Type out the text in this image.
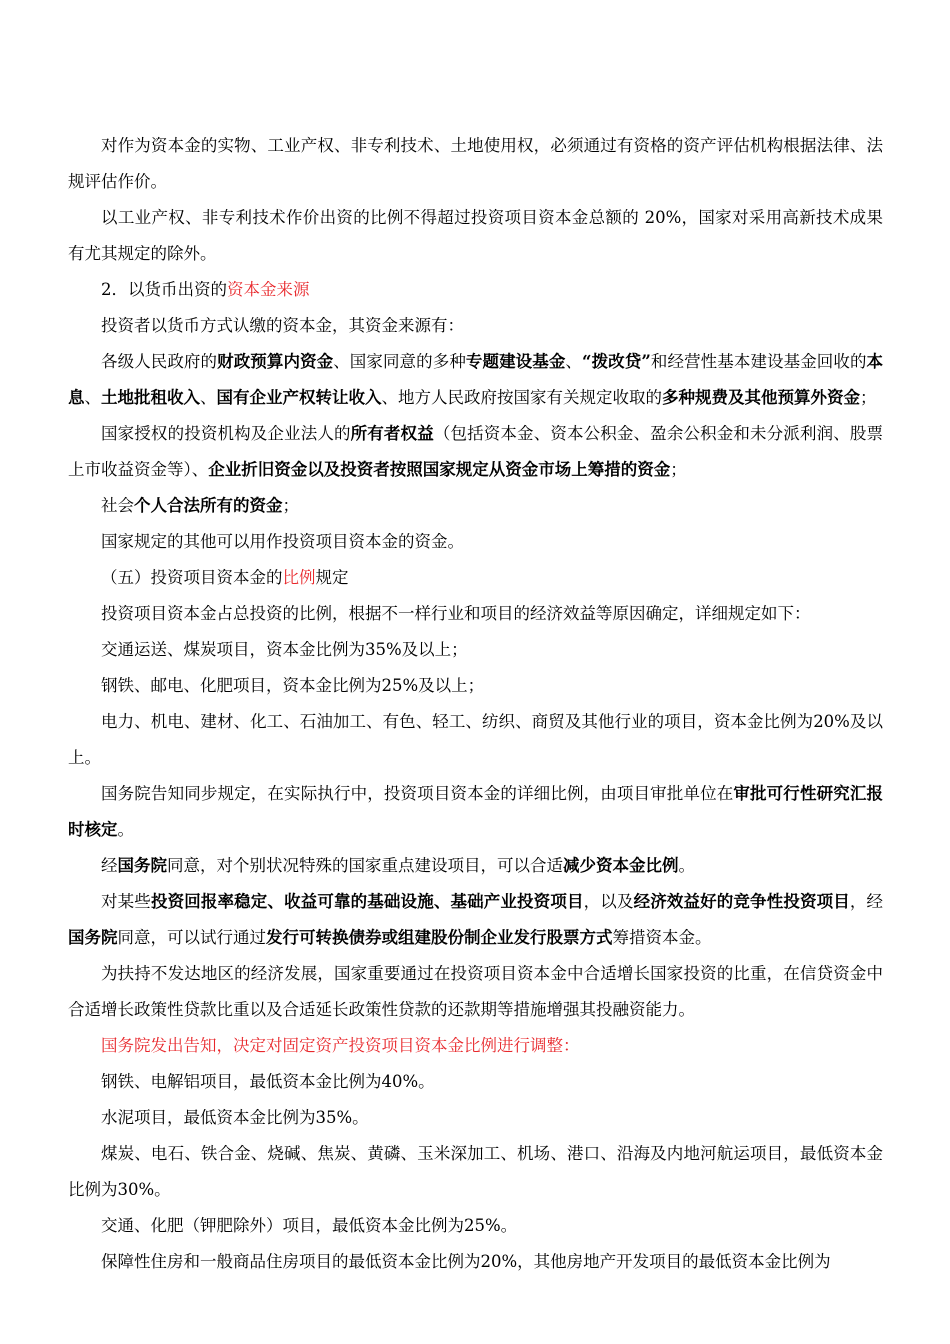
对作为资本金的实物、工业产权、非专利技术、土地使用权，必须通过有资格的资产评估机构根据法律、法规评估作价。

以工业产权、非专利技术作价出资的比例不得超过投资项目资本金总额的 20%，国家对采用高新技术成果有尤其规定的除外。

2．以货币出资的资本金来源

投资者以货币方式认缴的资本金，其资金来源有：

各级人民政府的财政预算内资金、国家同意的多种专题建设基金、“拨改贷”和经营性基本建设基金回收的本息、土地批租收入、国有企业产权转让收入、地方人民政府按国家有关规定收取的多种规费及其他预算外资金；

国家授权的投资机构及企业法人的所有者权益（包括资本金、资本公积金、盈余公积金和未分派利润、股票上市收益资金等）、企业折旧资金以及投资者按照国家规定从资金市场上筹措的资金；

社会个人合法所有的资金；

国家规定的其他可以用作投资项目资本金的资金。

（五）投资项目资本金的比例规定

投资项目资本金占总投资的比例，根据不一样行业和项目的经济效益等原因确定，详细规定如下：

交通运送、煤炭项目，资本金比例为35%及以上；

钢铁、邮电、化肥项目，资本金比例为25%及以上；

电力、机电、建材、化工、石油加工、有色、轻工、纺织、商贸及其他行业的项目，资本金比例为20%及以上。

国务院告知同步规定，在实际执行中，投资项目资本金的详细比例，由项目审批单位在审批可行性研究汇报时核定。

经国务院同意，对个别状况特殊的国家重点建设项目，可以合适减少资本金比例。

对某些投资回报率稳定、收益可靠的基础设施、基础产业投资项目，以及经济效益好的竞争性投资项目，经国务院同意，可以试行通过发行可转换债券或组建股份制企业发行股票方式筹措资本金。

为扶持不发达地区的经济发展，国家重要通过在投资项目资本金中合适增长国家投资的比重，在信贷资金中合适增长政策性贷款比重以及合适延长政策性贷款的还款期等措施增强其投融资能力。

国务院发出告知，决定对固定资产投资项目资本金比例进行调整：

钢铁、电解铝项目，最低资本金比例为40%。

水泥项目，最低资本金比例为35%。

煤炭、电石、铁合金、烧碱、焦炭、黄磷、玉米深加工、机场、港口、沿海及内地河航运项目，最低资本金比例为30%。

交通、化肥（钾肥除外）项目，最低资本金比例为25%。

保障性住房和一般商品住房项目的最低资本金比例为20%，其他房地产开发项目的最低资本金比例为
